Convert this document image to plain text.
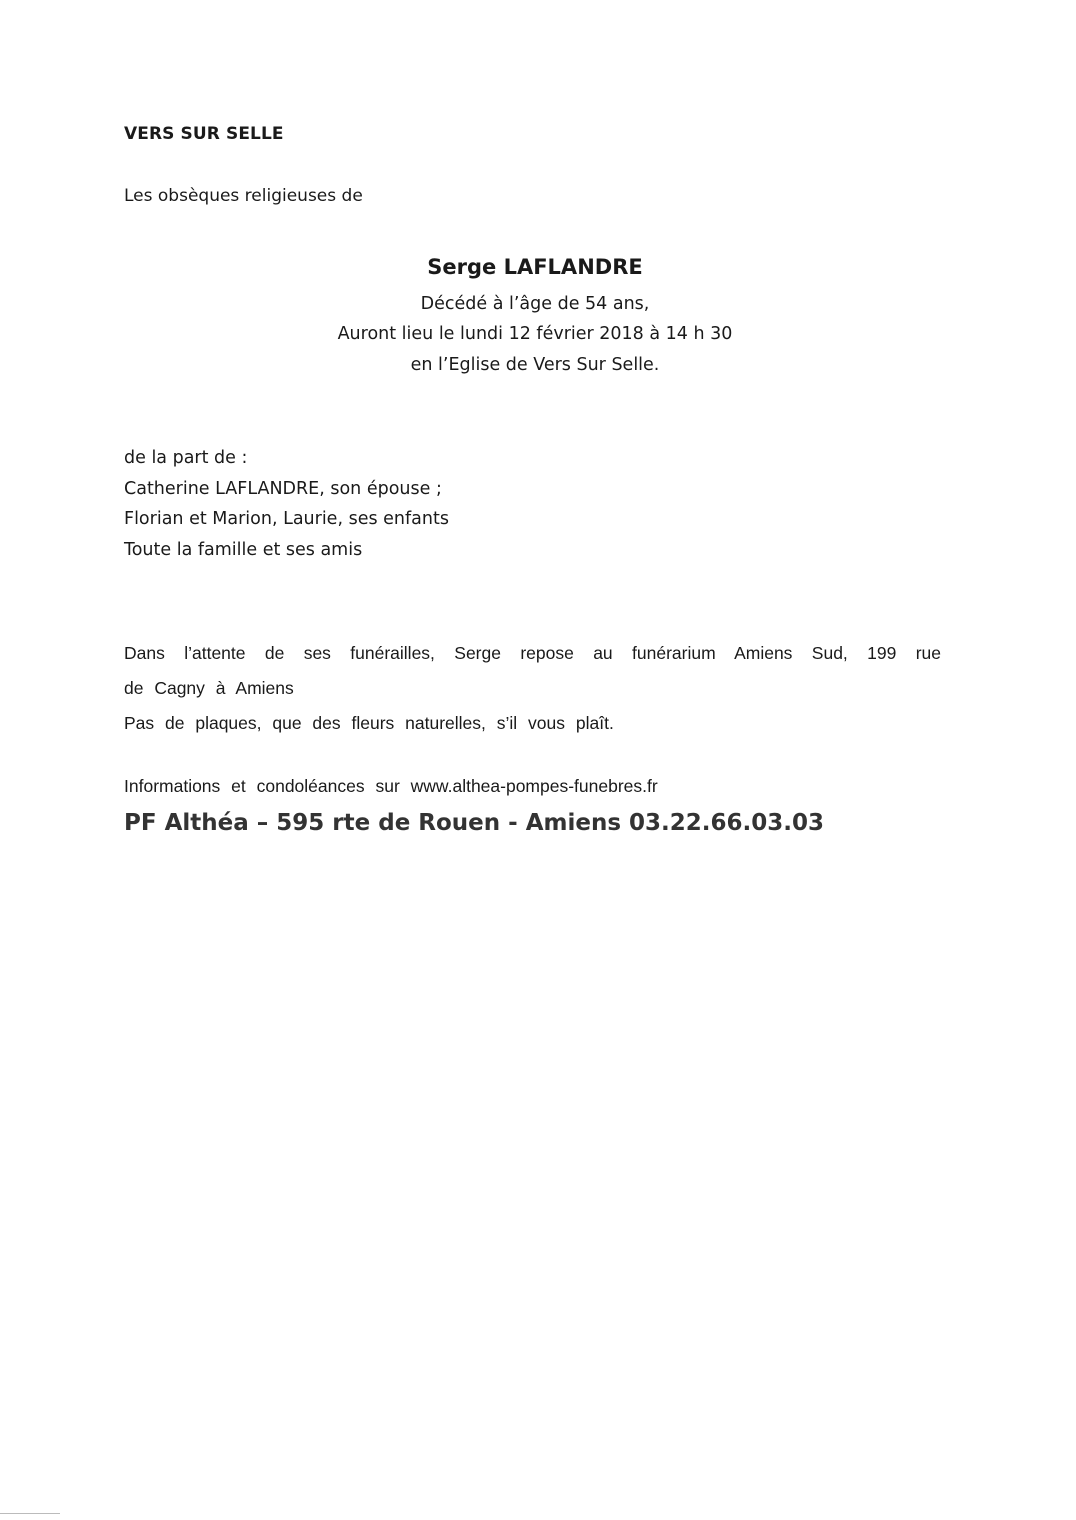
VERS SUR SELLE
Les obsèques religieuses de
Serge LAFLANDRE
Décédé à l’âge de 54 ans,
Auront lieu le lundi 12 février 2018 à 14 h 30
en l’Eglise de Vers Sur Selle.
de la part de :
Catherine LAFLANDRE, son épouse ;
Florian et Marion, Laurie, ses enfants
Toute la famille et ses amis
Dans l’attente de ses funérailles, Serge repose au funérarium Amiens Sud, 199 rue
de Cagny à Amiens
Pas de plaques, que des fleurs naturelles, s’il vous plaît.
Informations et condoléances sur www.althea-pompes-funebres.fr
PF Althéa – 595 rte de Rouen - Amiens 03.22.66.03.03
